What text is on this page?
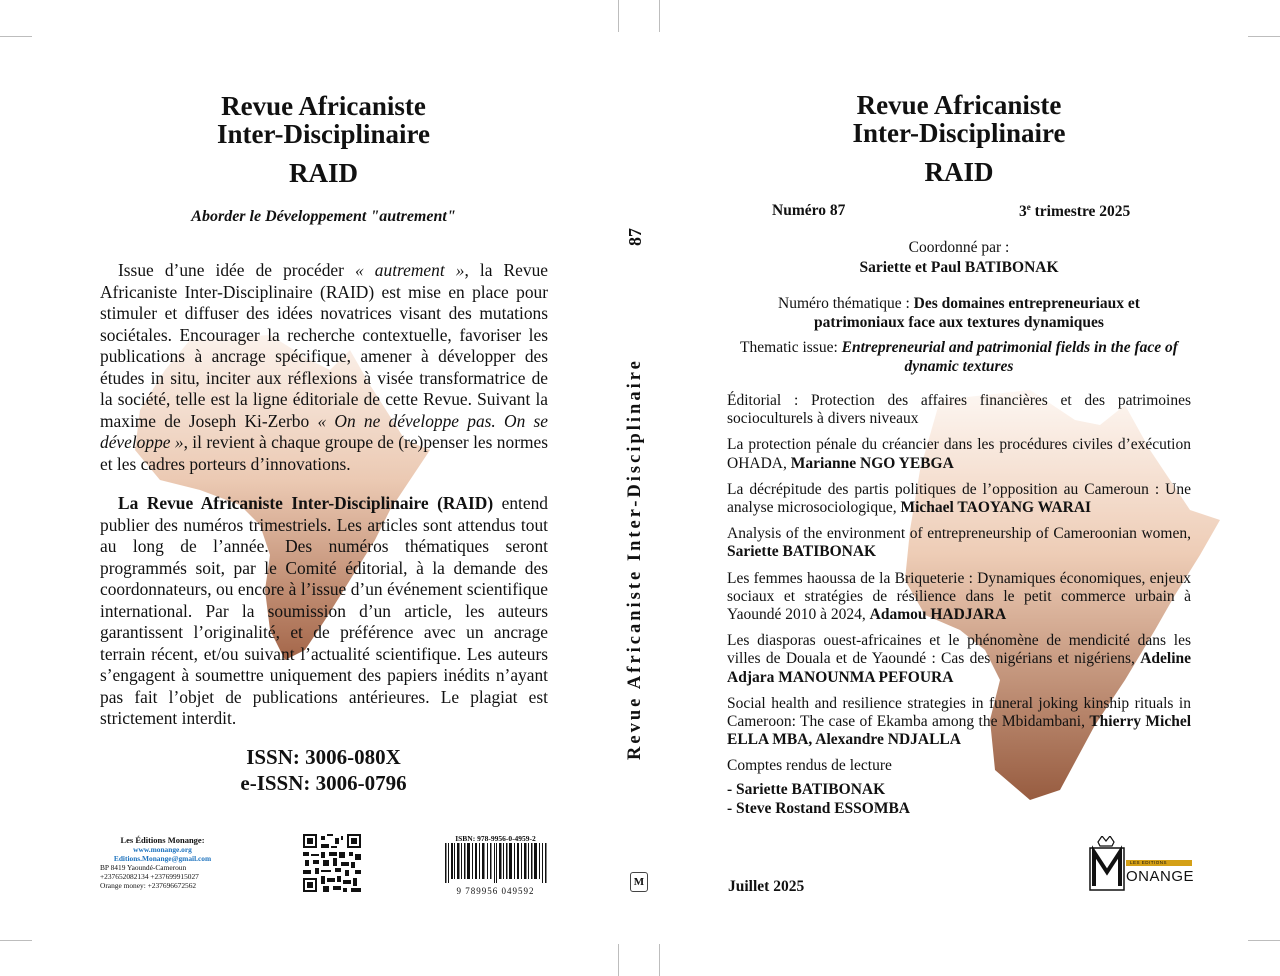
Revue Africaniste

Inter-Disciplinaire

RAID
Aborder le Développement "autrement"

Issue d’une idée de procéder « autrement », la Revue Africaniste Inter-Disciplinaire (RAID) est mise en place pour stimuler et diffuser des idées novatrices visant des mutations sociétales. Encourager la recherche contextuelle, favoriser les publications à ancrage spécifique, amener à développer des études in situ, inciter aux réflexions à visée transformatrice de la société, telle est la ligne éditoriale de cette Revue. Suivant la maxime de Joseph Ki-Zerbo « On ne développe pas. On se développe », il revient à chaque groupe de (re)penser les normes et les cadres porteurs d’innovations.

La Revue Africaniste Inter-Disciplinaire (RAID) entend publier des numéros trimestriels. Les articles sont attendus tout au long de l’année. Des numéros thématiques seront programmés soit, par le Comité éditorial, à la demande des coordonnateurs, ou encore à l’issue d’un événement scientifique international. Par la soumission d’un article, les auteurs garantissent l’originalité, et de préférence avec un ancrage terrain récent, et/ou suivant l’actualité scientifique. Les auteurs s’engagent à soumettre uniquement des papiers inédits n’ayant pas fait l’objet de publications antérieures. Le plagiat est strictement interdit.

ISSN: 3006-080X
e-ISSN: 3006-0796
Les Éditions Monange:
www.monange.org
Editions.Monange@gmail.com
BP 8419 Yaoundé-Cameroun
+237652082134 +237699915027
Orange money: +237696672562
ISBN: 978-9956-0-4959-2
9 789956 049592
87
Revue Africaniste Inter-Disciplinaire
M

Revue Africaniste

Inter-Disciplinaire

RAID
Numéro 87	3e trimestre 2025
Coordonné par :
Sariette et Paul BATIBONAK
Numéro thématique : Des domaines entrepreneuriaux et patrimoniaux face aux textures dynamiques
Thematic issue: Entrepreneurial and patrimonial fields in the face of dynamic textures
Éditorial : Protection des affaires financières et des patrimoines socioculturels à divers niveaux
La protection pénale du créancier dans les procédures civiles d’exécution OHADA, Marianne NGO YEBGA
La décrépitude des partis politiques de l’opposition au Cameroun : Une analyse microsociologique, Michael TAOYANG WARAI
Analysis of the environment of entrepreneurship of Cameroonian women, Sariette BATIBONAK
Les femmes haoussa de la Briqueterie : Dynamiques économiques, enjeux sociaux et stratégies de résilience dans le petit commerce urbain à Yaoundé 2010 à 2024, Adamou HADJARA
Les diasporas ouest-africaines et le phénomène de mendicité dans les villes de Douala et de Yaoundé : Cas des nigérians et nigériens, Adeline Adjara MANOUNMA PEFOURA
Social health and resilience strategies in funeral joking kinship rituals in Cameroon: The case of Ekamba among the Mbidambani, Thierry Michel ELLA MBA, Alexandre NDJALLA
Comptes rendus de lecture
- Sariette BATIBONAK
- Steve Rostand ESSOMBA
Juillet 2025
LES EDITIONS
ONANGE
